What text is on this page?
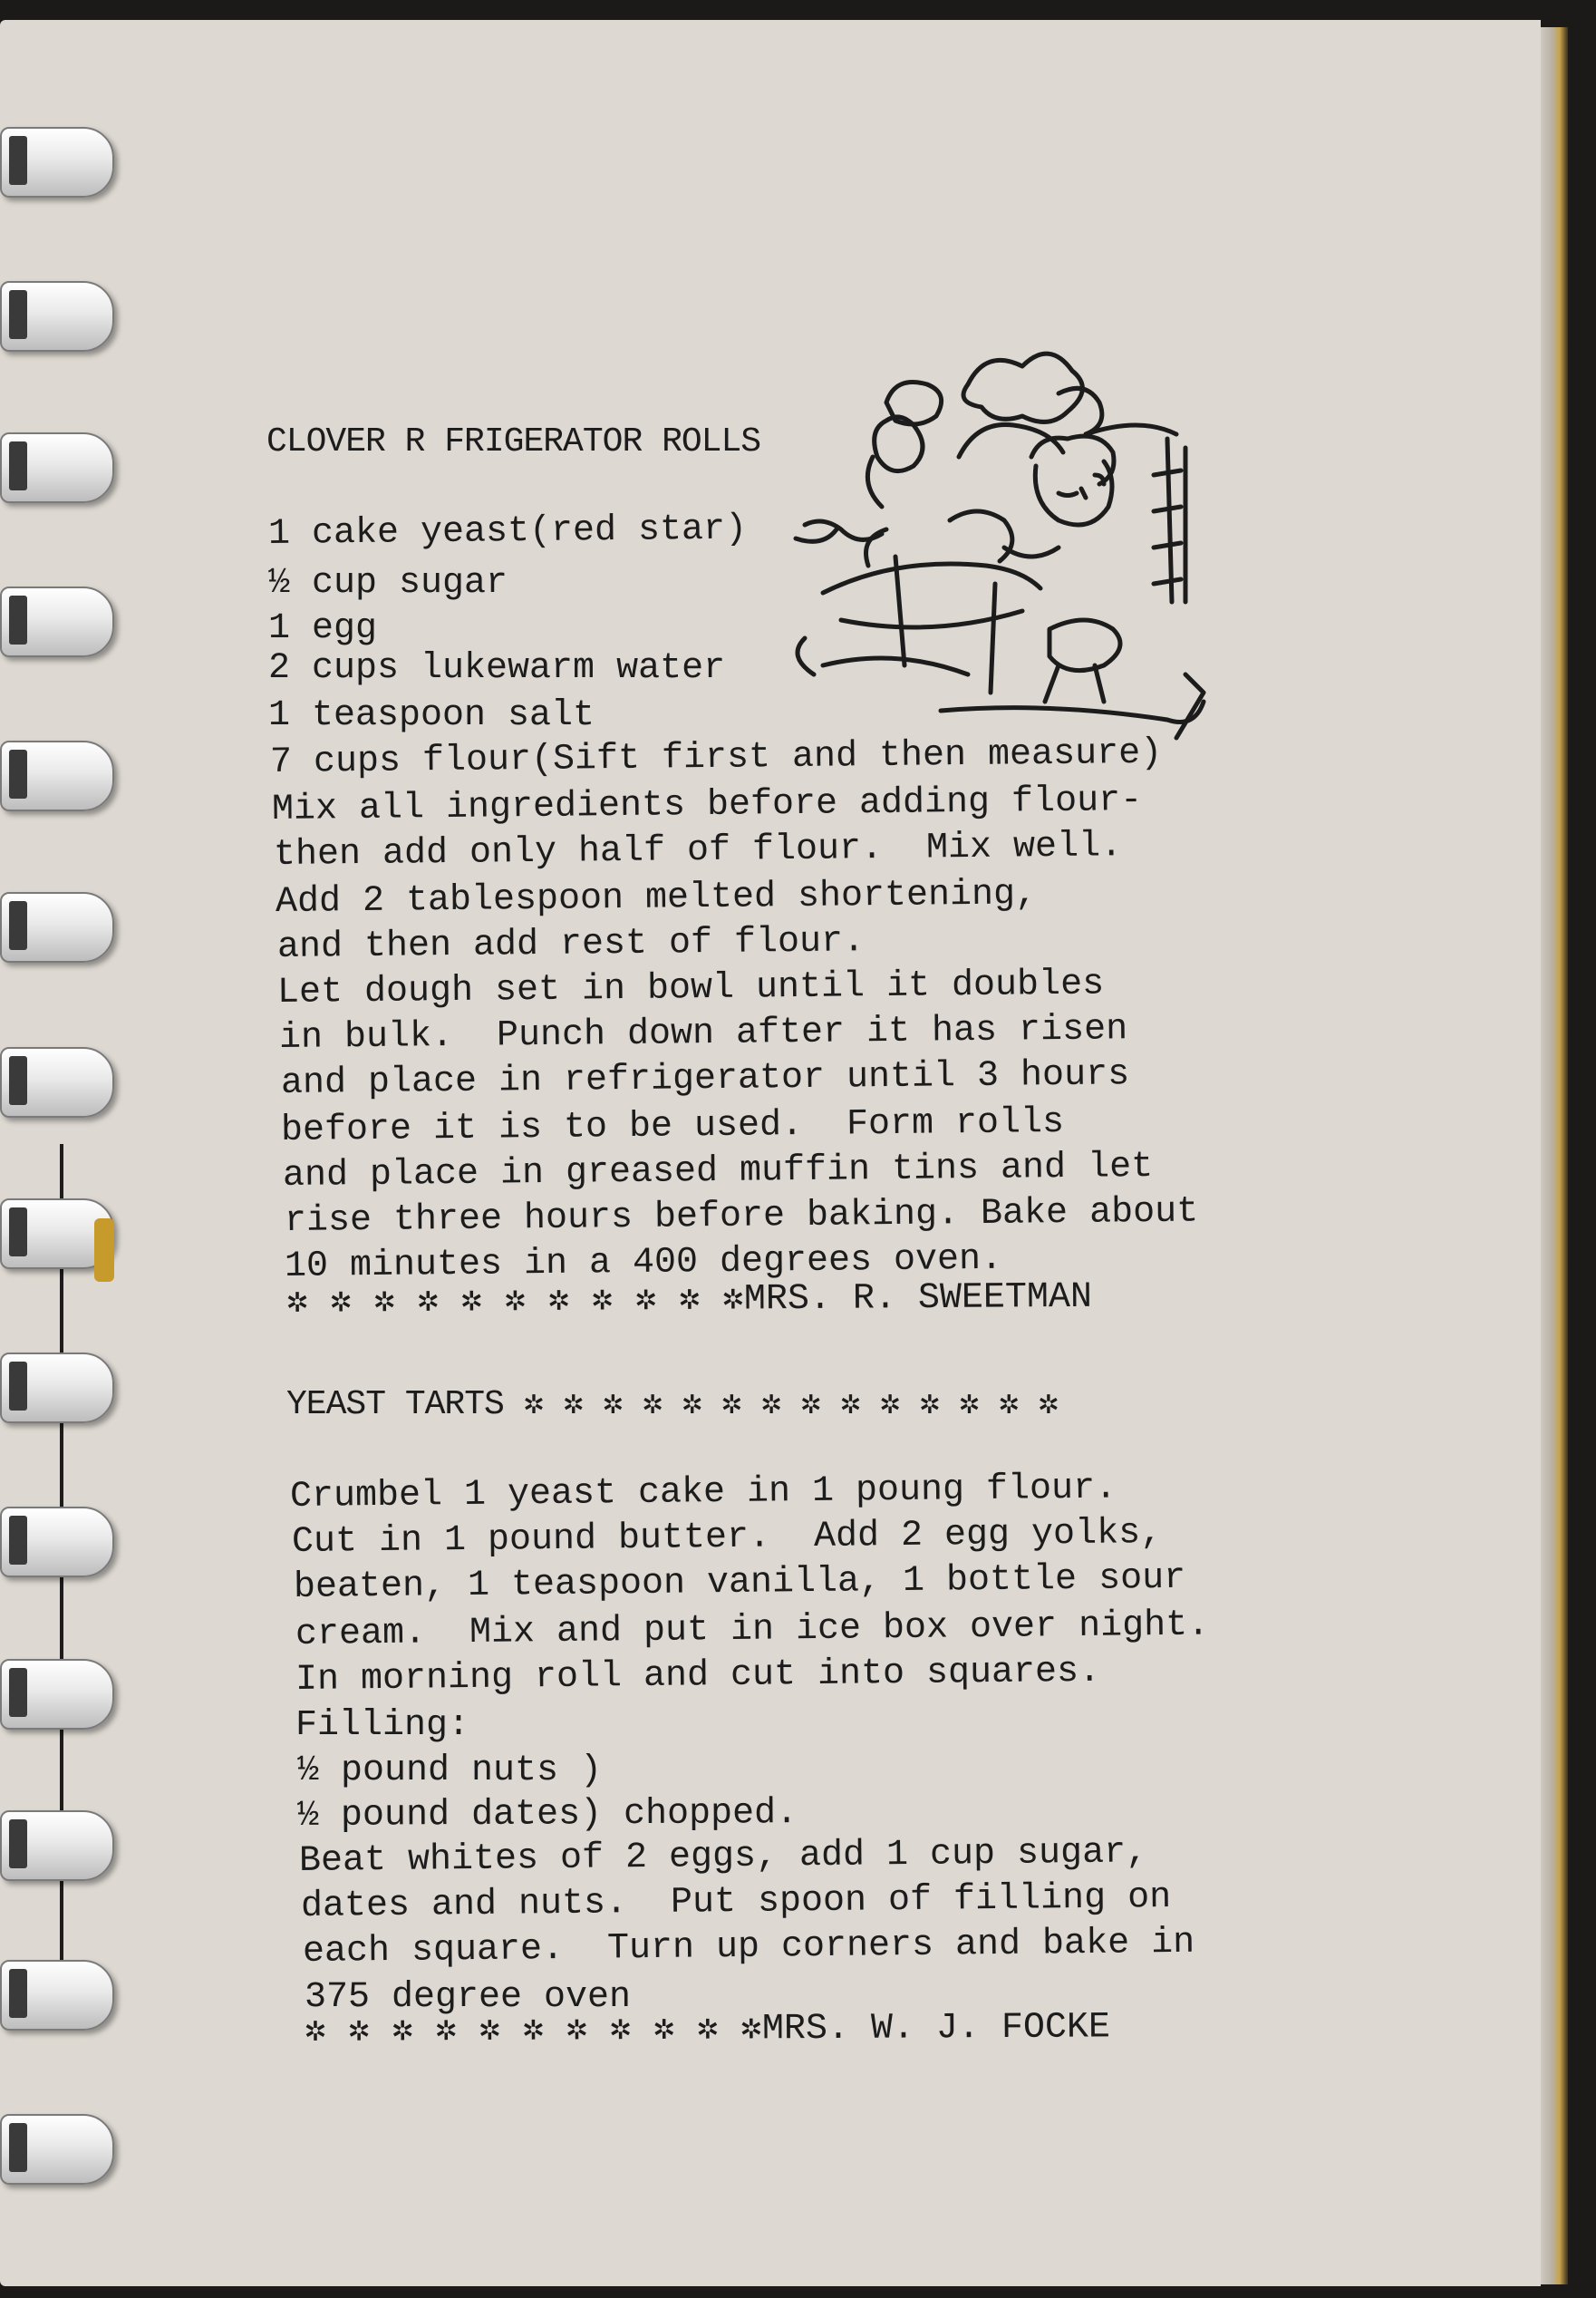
CLOVER R FRIGERATOR ROLLS
1 cake yeast(red star)
½ cup sugar
1 egg
2 cups lukewarm water
1 teaspoon salt
7 cups flour(Sift first and then measure)
Mix all ingredients before adding flour-
then add only half of flour.  Mix well.
Add 2 tablespoon melted shortening,
and then add rest of flour.
Let dough set in bowl until it doubles
in bulk.  Punch down after it has risen
and place in refrigerator until 3 hours
before it is to be used.  Form rolls
and place in greased muffin tins and let
rise three hours before baking. Bake about
10 minutes in a 400 degrees oven.
✲ ✲ ✲ ✲ ✲ ✲ ✲ ✲ ✲ ✲ ✲MRS. R. SWEETMAN
YEAST TARTS ✲ ✲ ✲ ✲ ✲ ✲ ✲ ✲ ✲ ✲ ✲ ✲ ✲ ✲
Crumbel 1 yeast cake in 1 poung flour.
Cut in 1 pound butter.  Add 2 egg yolks,
beaten, 1 teaspoon vanilla, 1 bottle sour
cream.  Mix and put in ice box over night.
In morning roll and cut into squares.
Filling:
½ pound nuts )
½ pound dates) chopped.
Beat whites of 2 eggs, add 1 cup sugar,
dates and nuts.  Put spoon of filling on
each square.  Turn up corners and bake in
375 degree oven
✲ ✲ ✲ ✲ ✲ ✲ ✲ ✲ ✲ ✲ ✲MRS. W. J. FOCKE
